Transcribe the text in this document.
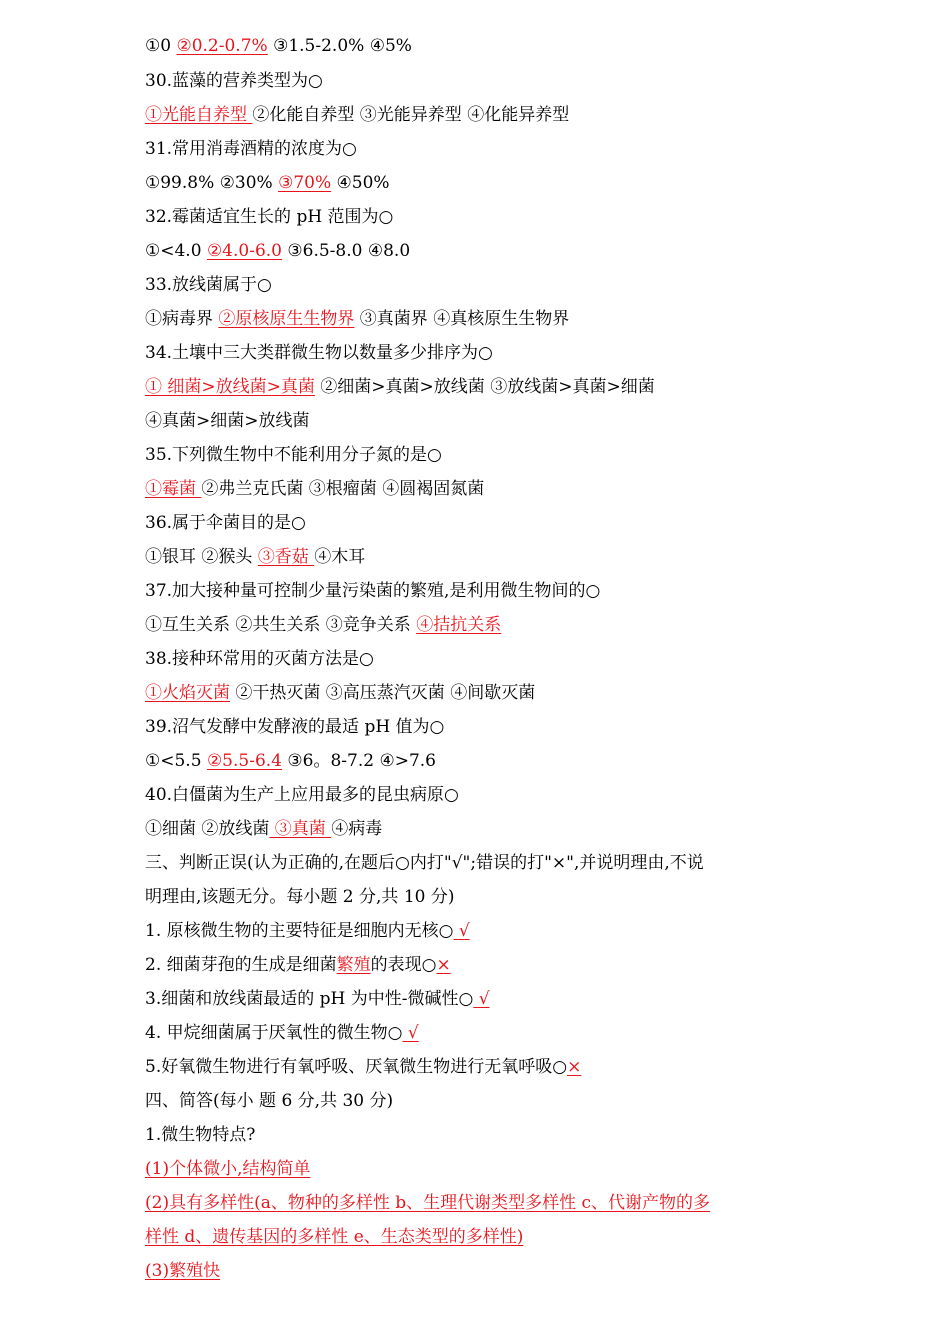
①0 ②0.2-0.7% ③1.5-2.0% ④5%
30.蓝藻的营养类型为○
①光能自养型 ②化能自养型 ③光能异养型 ④化能异养型
31.常用消毒酒精的浓度为○
①99.8% ②30% ③70% ④50%
32.霉菌适宜生长的 pH 范围为○
①<4.0 ②4.0-6.0 ③6.5-8.0 ④8.0
33.放线菌属于○
①病毒界 ②原核原生生物界 ③真菌界 ④真核原生生物界
34.土壤中三大类群微生物以数量多少排序为○
① 细菌>放线菌>真菌 ②细菌>真菌>放线菌 ③放线菌>真菌>细菌
④真菌>细菌>放线菌
35.下列微生物中不能利用分子氮的是○
①霉菌 ②弗兰克氏菌 ③根瘤菌 ④圆褐固氮菌
36.属于伞菌目的是○
①银耳 ②猴头 ③香菇 ④木耳
37.加大接种量可控制少量污染菌的繁殖,是利用微生物间的○
①互生关系 ②共生关系 ③竞争关系 ④拮抗关系
38.接种环常用的灭菌方法是○
①火焰灭菌 ②干热灭菌 ③高压蒸汽灭菌 ④间歇灭菌
39.沼气发酵中发酵液的最适 pH 值为○
①<5.5 ②5.5-6.4 ③6。8-7.2 ④>7.6
40.白僵菌为生产上应用最多的昆虫病原○
①细菌 ②放线菌 ③真菌 ④病毒
三、判断正误(认为正确的,在题后○内打"√";错误的打"×",并说明理由,不说
明理由,该题无分。每小题 2 分,共 10 分)
1. 原核微生物的主要特征是细胞内无核○ √
2. 细菌芽孢的生成是细菌繁殖的表现○×
3.细菌和放线菌最适的 pH 为中性-微碱性○ √
4. 甲烷细菌属于厌氧性的微生物○ √
5.好氧微生物进行有氧呼吸、厌氧微生物进行无氧呼吸○×
四、简答(每小 题 6 分,共 30 分)
1.微生物特点?
(1)个体微小,结构简单
(2)具有多样性(a、物种的多样性 b、生理代谢类型多样性 c、代谢产物的多
样性 d、遗传基因的多样性 e、生态类型的多样性)
(3)繁殖快
